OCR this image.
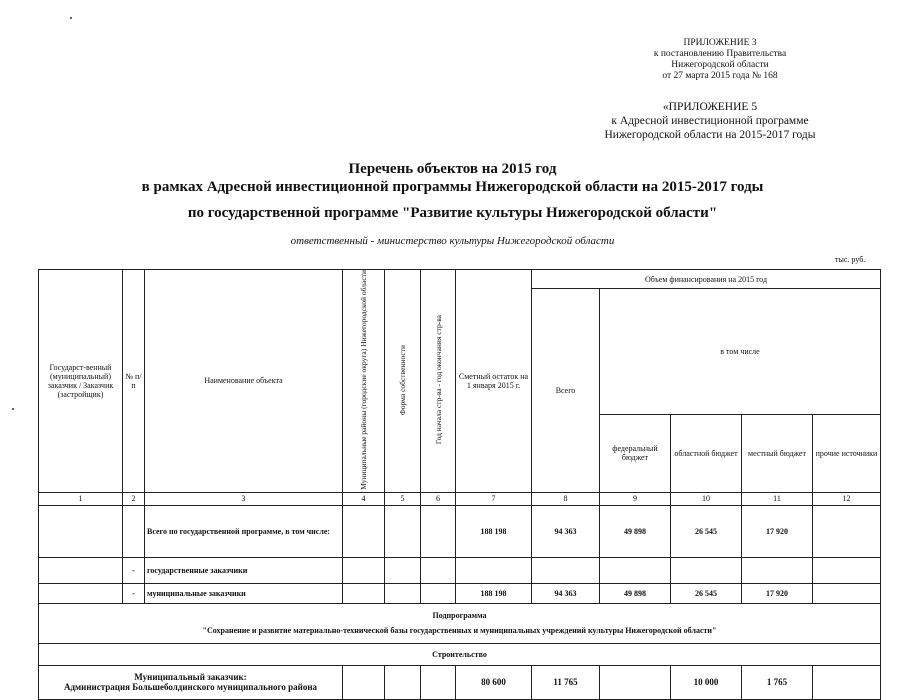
ПРИЛОЖЕНИЕ 3
к постановлению Правительства
Нижегородской области
от 27 марта 2015 года № 168
«ПРИЛОЖЕНИЕ 5
к Адресной инвестиционной программе
Нижегородской области на 2015-2017 годы
Перечень объектов на 2015 год
в рамках Адресной инвестиционной программы Нижегородской области на 2015-2017 годы
по государственной программе "Развитие культуры Нижегородской области"
ответственный - министерство культуры Нижегородской области
тыс. руб.
Государст-венный (муниципальный) заказчик / Заказчик (застройщик)	№ п/п	Наименование объекта	Муниципальные районы (городские округа) Нижегородской области	Форма собственности	Год начала стр-ва - год окончания стр-ва	Сметный остаток на 1 января 2015 г.	Объем финансирования на 2015 год				
							Всего	в том числе			
								федеральный бюджет	областной бюджет	местный бюджет	прочие источники
1	2	3	4	5	6	7	8	9	10	11	12
		Всего по государственной программе, в том числе:				188 198	94 363	49 898	26 545	17 920	
	-	государственные заказчики									
	-	муниципальные заказчики				188 198	94 363	49 898	26 545	17 920	

Подпрограмма
"Сохранение и развитие материально-технической базы государственных и муниципальных учреждений культуры Нижегородской области"											

Строительство											

Муниципальный заказчик:
Администрация Большеболдинского муниципального района						80 600	11 765		10 000	1 765	
